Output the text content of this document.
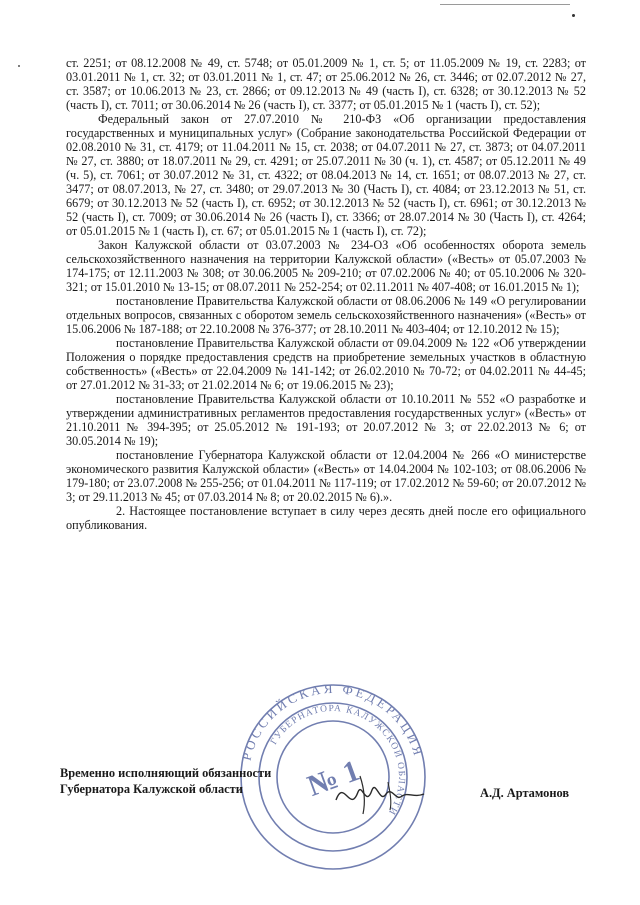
ст. 2251; от 08.12.2008 № 49, ст. 5748; от 05.01.2009 № 1, ст. 5; от 11.05.2009 № 19, ст. 2283; от 03.01.2011 № 1, ст. 32; от 03.01.2011 № 1, ст. 47; от 25.06.2012 № 26, ст. 3446; от 02.07.2012 № 27, ст. 3587; от 10.06.2013 № 23, ст. 2866; от 09.12.2013 № 49 (часть I), ст. 6328; от 30.12.2013 № 52 (часть I), ст. 7011; от 30.06.2014 № 26 (часть I), ст. 3377; от 05.01.2015 № 1 (часть I), ст. 52);

Федеральный закон от 27.07.2010 № 210-ФЗ «Об организации предоставления государственных и муниципальных услуг» (Собрание законодательства Российской Федерации от 02.08.2010 № 31, ст. 4179; от 11.04.2011 № 15, ст. 2038; от 04.07.2011 № 27, ст. 3873; от 04.07.2011 № 27, ст. 3880; от 18.07.2011 № 29, ст. 4291; от 25.07.2011 № 30 (ч. 1), ст. 4587; от 05.12.2011 № 49 (ч. 5), ст. 7061; от 30.07.2012 № 31, ст. 4322; от 08.04.2013 № 14, ст. 1651; от 08.07.2013 № 27, ст. 3477; от 08.07.2013, № 27, ст. 3480; от 29.07.2013 № 30 (Часть I), ст. 4084; от 23.12.2013 № 51, ст. 6679; от 30.12.2013 № 52 (часть I), ст. 6952; от 30.12.2013 № 52 (часть I), ст. 6961; от 30.12.2013 № 52 (часть I), ст. 7009; от 30.06.2014 № 26 (часть I), ст. 3366; от 28.07.2014 № 30 (Часть I), ст. 4264; от 05.01.2015 № 1 (часть I), ст. 67; от 05.01.2015 № 1 (часть I), ст. 72);

Закон Калужской области от 03.07.2003 № 234-ОЗ «Об особенностях оборота земель сельскохозяйственного назначения на территории Калужской области» («Весть» от 05.07.2003 № 174-175; от 12.11.2003 № 308; от 30.06.2005 № 209-210; от 07.02.2006 № 40; от 05.10.2006 № 320-321; от 15.01.2010 № 13-15; от 08.07.2011 № 252-254; от 02.11.2011 № 407-408; от 16.01.2015 № 1);

постановление Правительства Калужской области от 08.06.2006 № 149 «О регулировании отдельных вопросов, связанных с оборотом земель сельскохозяйственного назначения» («Весть» от 15.06.2006 № 187-188; от 22.10.2008 № 376-377; от 28.10.2011 № 403-404; от 12.10.2012 № 15);

постановление Правительства Калужской области от 09.04.2009 № 122 «Об утверждении Положения о порядке предоставления средств на приобретение земельных участков в областную собственность» («Весть» от 22.04.2009 № 141-142; от 26.02.2010 № 70-72; от 04.02.2011 № 44-45; от 27.01.2012 № 31-33; от 21.02.2014 № 6; от 19.06.2015 № 23);

постановление Правительства Калужской области от 10.10.2011 № 552 «О разработке и утверждении административных регламентов предоставления государственных услуг» («Весть» от 21.10.2011 № 394-395; от 25.05.2012 № 191-193; от 20.07.2012 № 3; от 22.02.2013 № 6; от 30.05.2014 № 19);

постановление Губернатора Калужской области от 12.04.2004 № 266 «О министерстве экономического развития Калужской области» («Весть» от 14.04.2004 № 102-103; от 08.06.2006 № 179-180; от 23.07.2008 № 255-256; от 01.04.2011 № 117-119; от 17.02.2012 № 59-60; от 20.07.2012 № 3; от 29.11.2013 № 45; от 07.03.2014 № 8; от 20.02.2015 № 6).».

2. Настоящее постановление вступает в силу через десять дней после его официального опубликования.

РОССИЙСКАЯ ФЕДЕРАЦИЯ
ГУБЕРНАТОРА КАЛУЖСКОЙ ОБЛАСТИ
№ 1
Временно исполняющий обязанности
Губернатора Калужской области	А.Д. Артамонов
